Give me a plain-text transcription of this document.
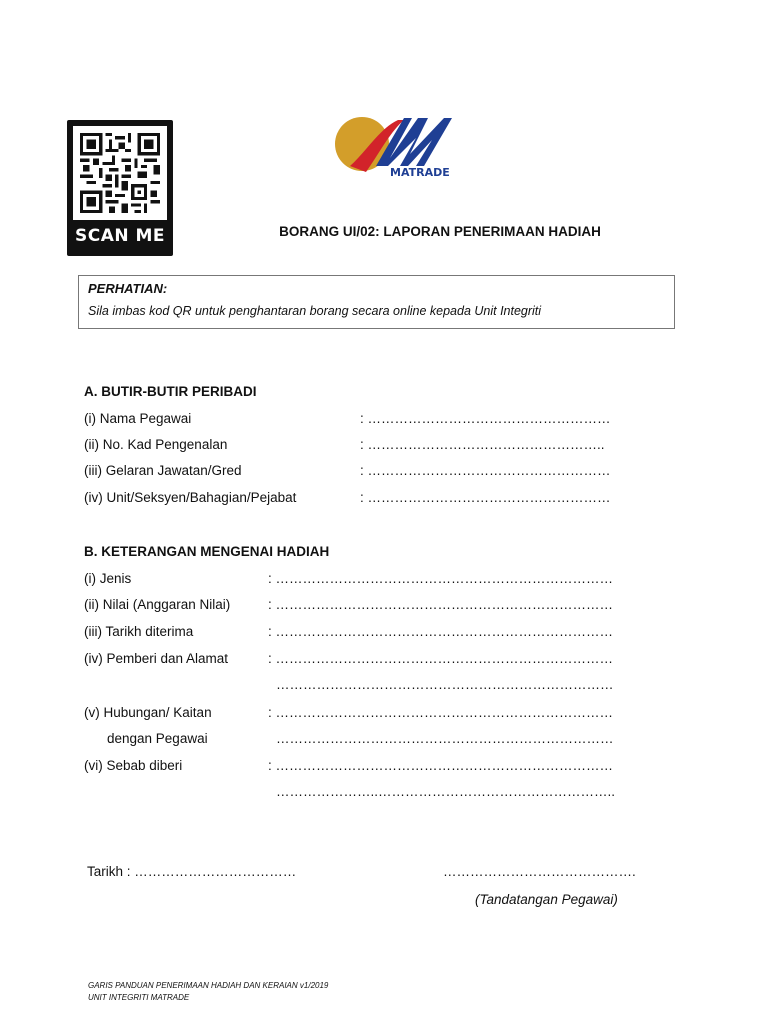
SCAN ME
MATRADE
BORANG UI/02: LAPORAN PENERIMAAN HADIAH
PERHATIAN:
Sila imbas kod QR untuk penghantaran borang secara online kepada Unit Integriti
A. BUTIR-BUTIR PERIBADI
(i) Nama Pegawai	: ………………………………………………
(ii) No. Kad Pengenalan	: ……………………………………………..
(iii) Gelaran Jawatan/Gred	: ………………………………………………
(iv) Unit/Seksyen/Bahagian/Pejabat	: ………………………………………………
B. KETERANGAN MENGENAI HADIAH
(i) Jenis	: …………………………………………………………………
(ii) Nilai (Anggaran Nilai)	: …………………………………………………………………
(iii) Tarikh diterima	: …………………………………………………………………
(iv) Pemberi dan Alamat	: …………………………………………………………………
…………………………………………………………………
(v) Hubungan/ Kaitan	: …………………………………………………………………
dengan Pegawai	…………………………………………………………………
(vi) Sebab diberi	: …………………………………………………………………
…………………..……………………………………………..
Tarikh : ………………………………	…………………………………….
(Tandatangan Pegawai)
GARIS PANDUAN PENERIMAAN HADIAH DAN KERAIAN v1/2019
UNIT INTEGRITI MATRADE
